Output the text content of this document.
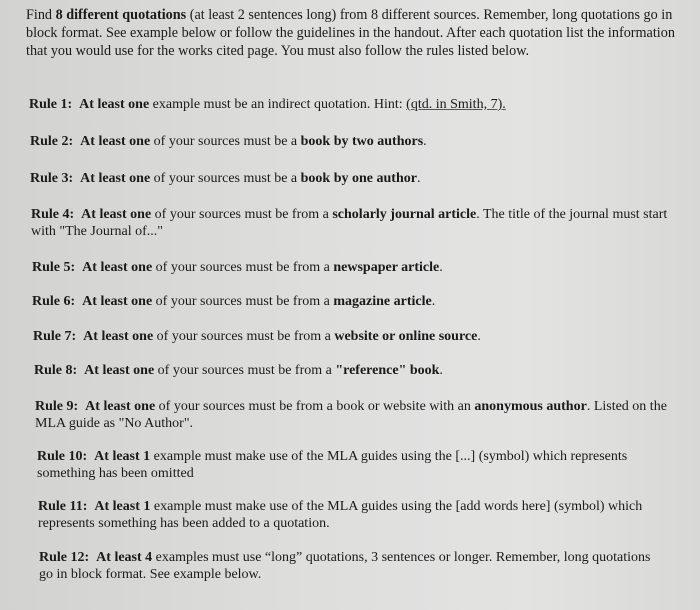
Find 8 different quotations (at least 2 sentences long) from 8 different sources. Remember, long quotations go in block format. See example below or follow the guidelines in the handout. After each quotation list the information that you would use for the works cited page. You must also follow the rules listed below.
Rule 1: At least one example must be an indirect quotation. Hint: (qtd. in Smith, 7).
Rule 2: At least one of your sources must be a book by two authors.
Rule 3: At least one of your sources must be a book by one author.
Rule 4: At least one of your sources must be from a scholarly journal article. The title of the journal must start with "The Journal of..."
Rule 5: At least one of your sources must be from a newspaper article.
Rule 6: At least one of your sources must be from a magazine article.
Rule 7: At least one of your sources must be from a website or online source.
Rule 8: At least one of your sources must be from a "reference" book.
Rule 9: At least one of your sources must be from a book or website with an anonymous author. Listed on the MLA guide as "No Author".
Rule 10: At least 1 example must make use of the MLA guides using the [...] (symbol) which represents something has been omitted
Rule 11: At least 1 example must make use of the MLA guides using the [add words here] (symbol) which represents something has been added to a quotation.
Rule 12: At least 4 examples must use “long” quotations, 3 sentences or longer. Remember, long quotations go in block format. See example below.
